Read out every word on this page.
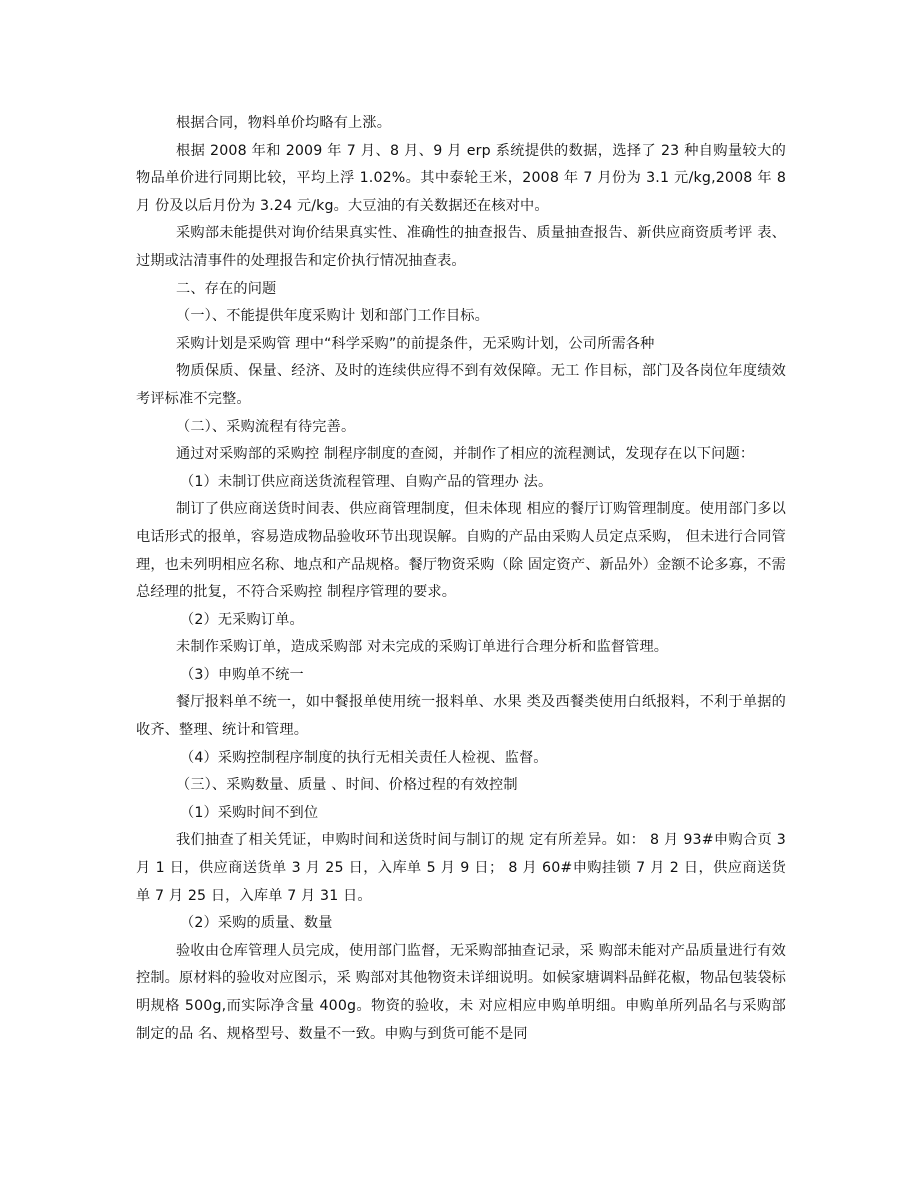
根据合同，物料单价均略有上涨。

根据 2008 年和 2009 年 7 月、8 月、9 月 erp 系统提供的数据，选择了 23 种自购量较大的物品单价进行同期比较，平均上浮 1.02%。其中泰轮王米，2008 年 7 月份为 3.1 元/kg,2008 年 8 月 份及以后月份为 3.24 元/kg。大豆油的有关数据还在核对中。

采购部未能提供对询价结果真实性、准确性的抽查报告、质量抽查报告、新供应商资质考评 表、过期或沽清事件的处理报告和定价执行情况抽查表。

二、存在的问题

（一）、不能提供年度采购计 划和部门工作目标。

采购计划是采购管 理中“科学采购”的前提条件，无采购计划，公司所需各种

物质保质、保量、经济、及时的连续供应得不到有效保障。无工 作目标，部门及各岗位年度绩效考评标准不完整。

（二）、采购流程有待完善。

通过对采购部的采购控 制程序制度的查阅，并制作了相应的流程测试，发现存在以下问题：

（1）未制订供应商送货流程管理、自购产品的管理办 法。

制订了供应商送货时间表、供应商管理制度，但未体现 相应的餐厅订购管理制度。使用部门多以电话形式的报单，容易造成物品验收环节出现误解。自购的产品由采购人员定点采购， 但未进行合同管理，也未列明相应名称、地点和产品规格。餐厅物资采购（除 固定资产、新品外）金额不论多寡，不需总经理的批复，不符合采购控 制程序管理的要求。

（2）无采购订单。

未制作采购订单，造成采购部 对未完成的采购订单进行合理分析和监督管理。

（3）申购单不统一

餐厅报料单不统一，如中餐报单使用统一报料单、水果 类及西餐类使用白纸报料，不利于单据的收齐、整理、统计和管理。

（4）采购控制程序制度的执行无相关责任人检视、监督。

（三）、采购数量、质量 、时间、价格过程的有效控制

（1）采购时间不到位

我们抽查了相关凭证，申购时间和送货时间与制订的规 定有所差异。如： 8 月 93#申购合页 3 月 1 日，供应商送货单 3 月 25 日，入库单 5 月 9 日； 8 月 60#申购挂锁 7 月 2 日，供应商送货单 7 月 25 日，入库单 7 月 31 日。

（2）采购的质量、数量

验收由仓库管理人员完成，使用部门监督，无采购部抽查记录，采 购部未能对产品质量进行有效控制。原材料的验收对应图示，采 购部对其他物资未详细说明。如候家塘调料品鲜花椒，物品包装袋标明规格 500g,而实际净含量 400g。物资的验收，未 对应相应申购单明细。申购单所列品名与采购部制定的品 名、规格型号、数量不一致。申购与到货可能不是同
